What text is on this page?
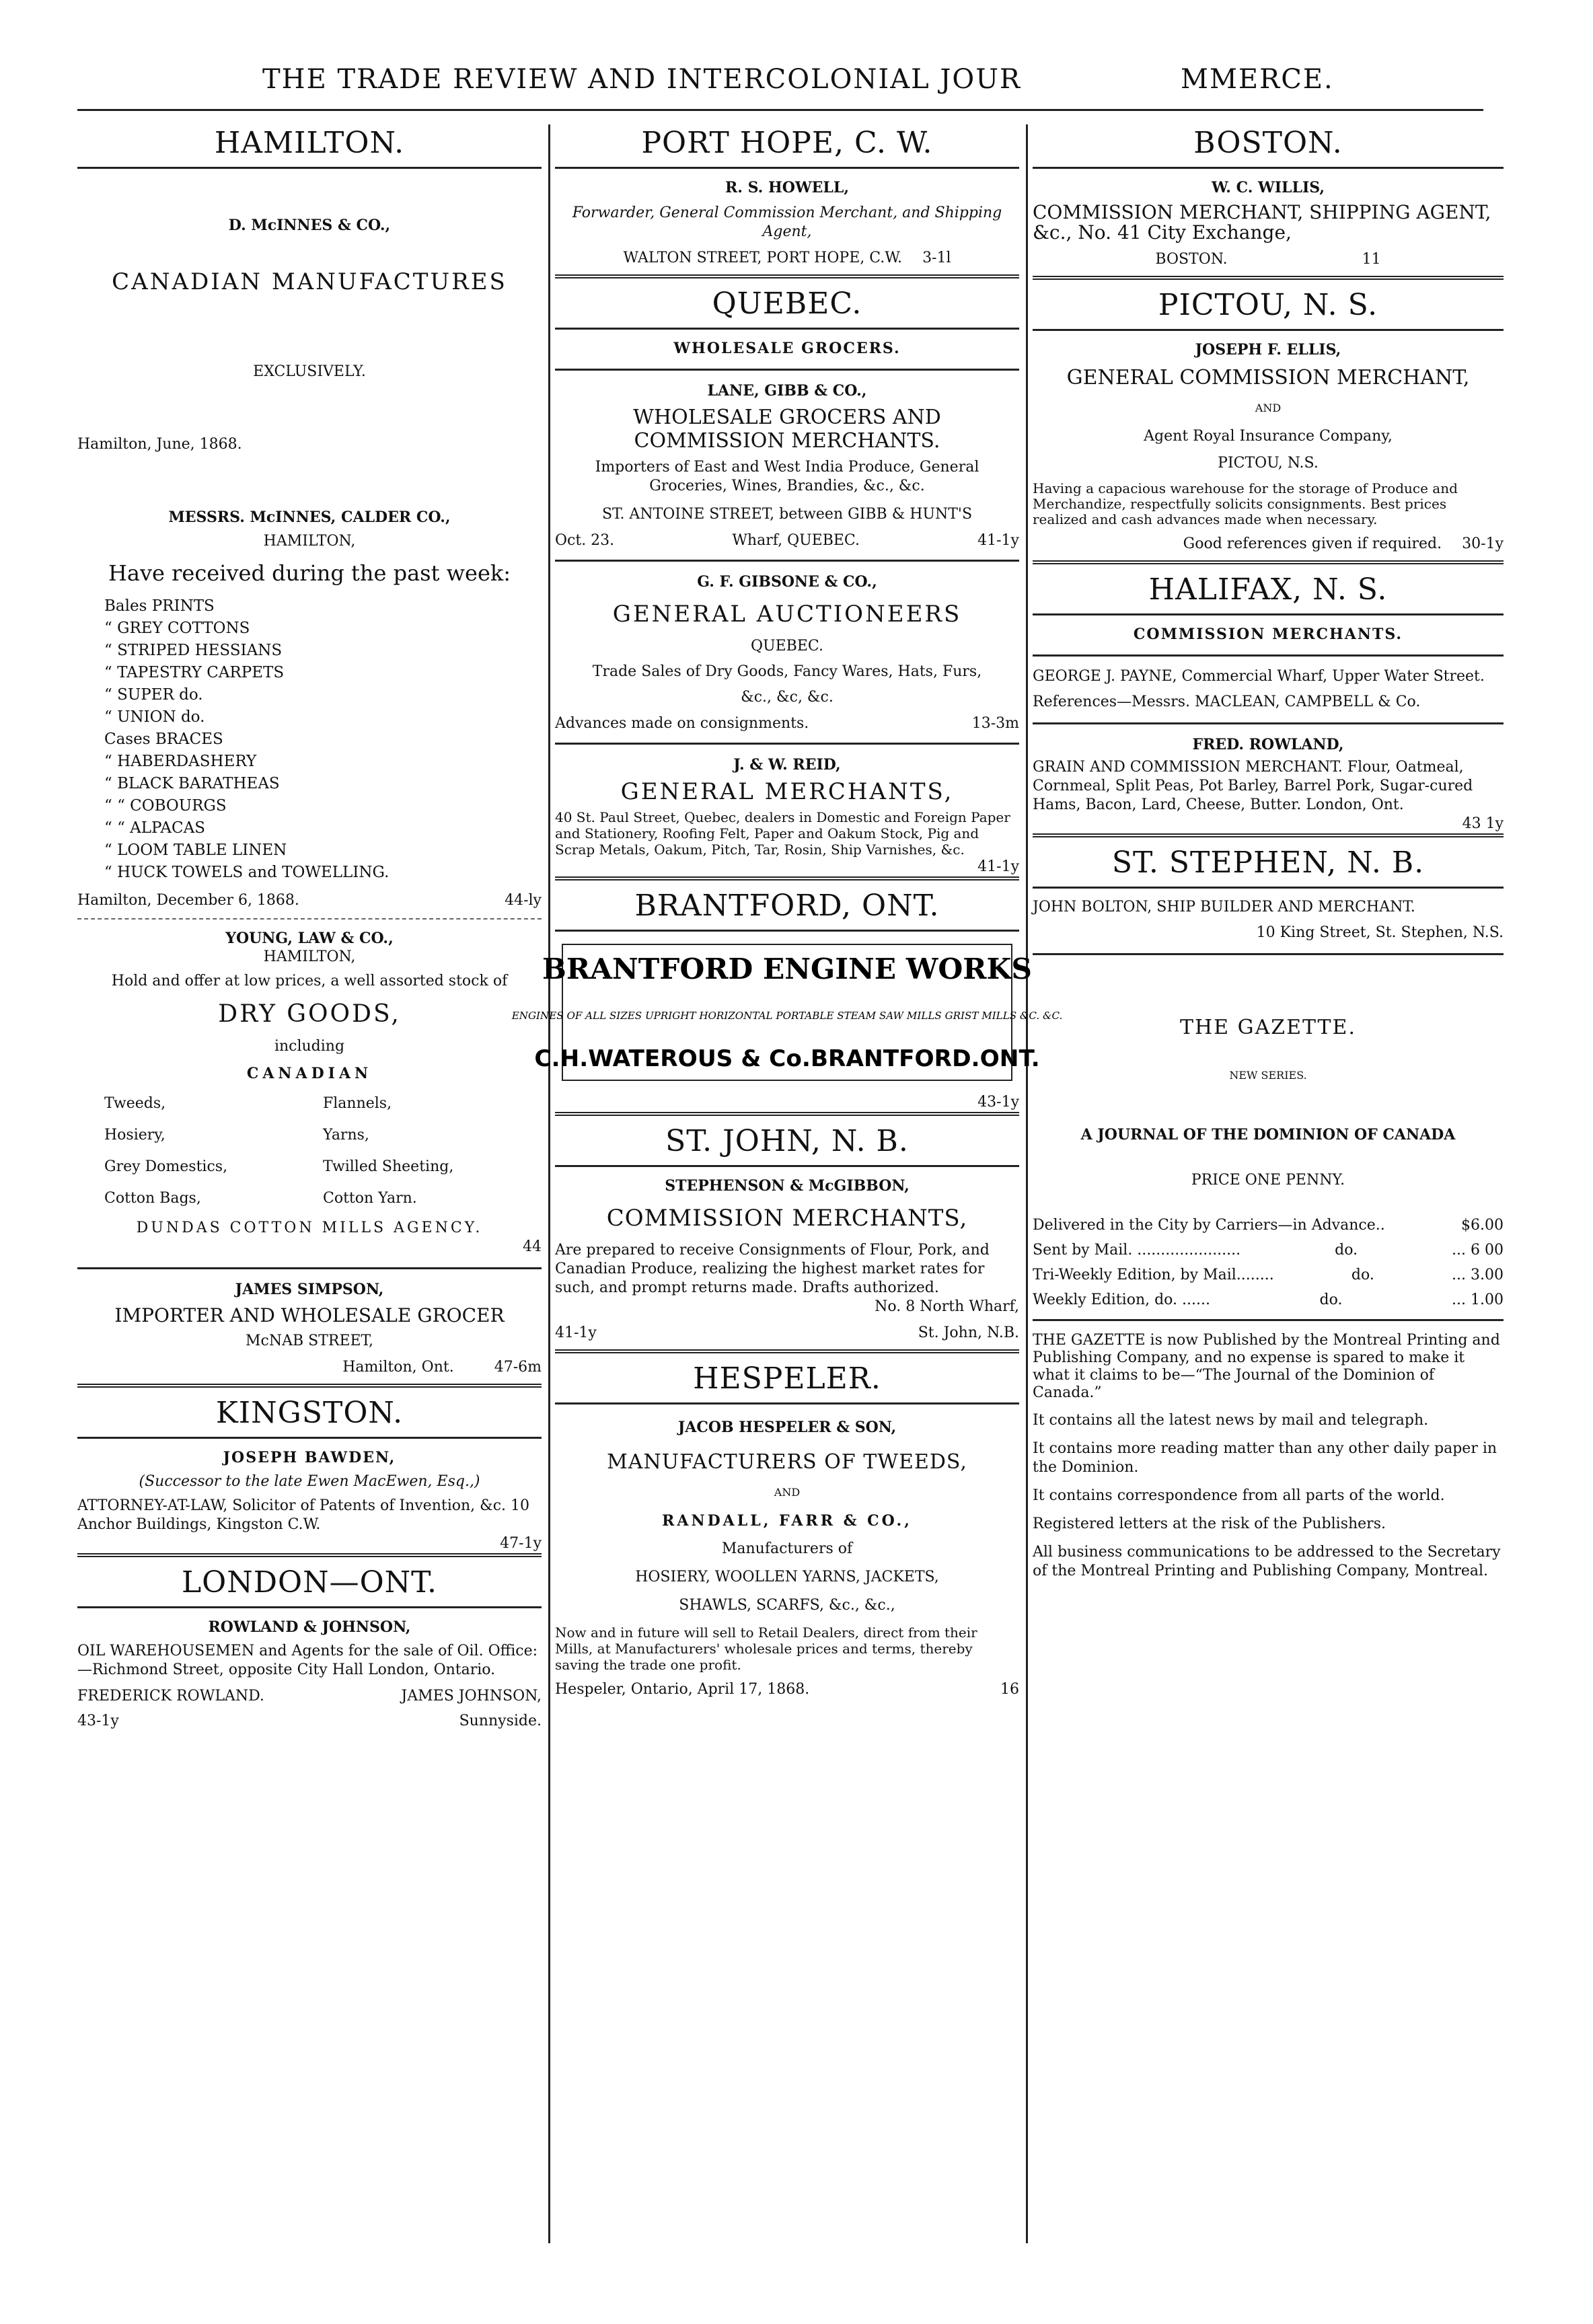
THE TRADE REVIEW AND INTERCOLONIAL JOUR	MMERCE.
HAMILTON.
D. McINNES & CO.,
CANADIAN MANUFACTURES
EXCLUSIVELY.
Hamilton, June, 1868.
MESSRS. McINNES, CALDER CO.,
HAMILTON,
Have received during the past week:
Bales PRINTS
“ GREY COTTONS
“ STRIPED HESSIANS
“ TAPESTRY CARPETS
“ SUPER do.
“ UNION do.
Cases BRACES
“ HABERDASHERY
“ BLACK BARATHEAS
“ “ COBOURGS
“ “ ALPACAS
“ LOOM TABLE LINEN
“ HUCK TOWELS and TOWELLING.
Hamilton, December 6, 1868.	44-ly
YOUNG, LAW & CO.,
HAMILTON,
Hold and offer at low prices, a well assorted stock of
DRY GOODS,
including
CANADIAN
Tweeds,	Flannels,
Hosiery,	Yarns,
Grey Domestics,	Twilled Sheeting,
Cotton Bags,	Cotton Yarn.
DUNDAS COTTON MILLS AGENCY.
44
JAMES SIMPSON,
IMPORTER AND WHOLESALE GROCER
McNAB STREET,
Hamilton, Ont.	47-6m
KINGSTON.
JOSEPH BAWDEN,
(Successor to the late Ewen MacEwen, Esq.,)
ATTORNEY-AT-LAW, Solicitor of Patents of Invention, &c. 10 Anchor Buildings, Kingston C.W.
47-1y
LONDON—ONT.
ROWLAND & JOHNSON,
OIL WAREHOUSEMEN and Agents for the sale of Oil. Office:—Richmond Street, opposite City Hall London, Ontario.
FREDERICK ROWLAND.	JAMES JOHNSON,
43-1y	Sunnyside.
PORT HOPE, C. W.
R. S. HOWELL,
Forwarder, General Commission Merchant, and Shipping Agent,
WALTON STREET, PORT HOPE, C.W. 3-1l
QUEBEC.
WHOLESALE GROCERS.
LANE, GIBB & CO.,
WHOLESALE GROCERS AND COMMISSION MERCHANTS.
Importers of East and West India Produce, General Groceries, Wines, Brandies, &c., &c.
ST. ANTOINE STREET, between GIBB & HUNT'S
Oct. 23.	Wharf, QUEBEC.	41-1y
G. F. GIBSONE & CO.,
GENERAL AUCTIONEERS
QUEBEC.
Trade Sales of Dry Goods, Fancy Wares, Hats, Furs,
&c., &c, &c.
Advances made on consignments.	13-3m
J. & W. REID,
GENERAL MERCHANTS,
40 St. Paul Street, Quebec, dealers in Domestic and Foreign Paper and Stationery, Roofing Felt, Paper and Oakum Stock, Pig and Scrap Metals, Oakum, Pitch, Tar, Rosin, Ship Varnishes, &c.
41-1y
BRANTFORD, ONT.
BRANTFORD ENGINE WORKS
ENGINES OF ALL SIZES UPRIGHT HORIZONTAL PORTABLE STEAM SAW MILLS GRIST MILLS &C. &C.
C.H.WATEROUS & Co.BRANTFORD.ONT.
43-1y
ST. JOHN, N. B.
STEPHENSON & McGIBBON,
COMMISSION MERCHANTS,
Are prepared to receive Consignments of Flour, Pork, and Canadian Produce, realizing the highest market rates for such, and prompt returns made. Drafts authorized.
No. 8 North Wharf,
41-1y	St. John, N.B.
HESPELER.
JACOB HESPELER & SON,
MANUFACTURERS OF TWEEDS,
AND
RANDALL, FARR & CO.,
Manufacturers of
HOSIERY, WOOLLEN YARNS, JACKETS,
SHAWLS, SCARFS, &c., &c.,
Now and in future will sell to Retail Dealers, direct from their Mills, at Manufacturers' wholesale prices and terms, thereby saving the trade one profit.
Hespeler, Ontario, April 17, 1868.	16
BOSTON.
W. C. WILLIS,
COMMISSION MERCHANT, SHIPPING AGENT, &c., No. 41 City Exchange,
BOSTON.	11
PICTOU, N. S.
JOSEPH F. ELLIS,
GENERAL COMMISSION MERCHANT,
AND
Agent Royal Insurance Company,
PICTOU, N.S.
Having a capacious warehouse for the storage of Produce and Merchandize, respectfully solicits consignments. Best prices realized and cash advances made when necessary.
Good references given if required. 30-1y
HALIFAX, N. S.
COMMISSION MERCHANTS.
GEORGE J. PAYNE, Commercial Wharf, Upper Water Street.
References—Messrs. MACLEAN, CAMPBELL & Co.
FRED. ROWLAND,
GRAIN AND COMMISSION MERCHANT. Flour, Oatmeal, Cornmeal, Split Peas, Pot Barley, Barrel Pork, Sugar-cured Hams, Bacon, Lard, Cheese, Butter. London, Ont.
43 1y
ST. STEPHEN, N. B.
JOHN BOLTON, SHIP BUILDER AND MERCHANT.
10 King Street, St. Stephen, N.S.
THE GAZETTE.
NEW SERIES.
A JOURNAL OF THE DOMINION OF CANADA
PRICE ONE PENNY.
Delivered in the City by Carriers—in Advance..	$6.00
Sent by Mail. ......................	do.	... 6 00
Tri-Weekly Edition, by Mail........	do.	... 3.00
Weekly Edition, do. ......	do.	... 1.00
THE GAZETTE is now Published by the Montreal Printing and Publishing Company, and no expense is spared to make it what it claims to be—“The Journal of the Dominion of Canada.”
It contains all the latest news by mail and telegraph.
It contains more reading matter than any other daily paper in the Dominion.
It contains correspondence from all parts of the world.
Registered letters at the risk of the Publishers.
All business communications to be addressed to the Secretary of the Montreal Printing and Publishing Company, Montreal.
